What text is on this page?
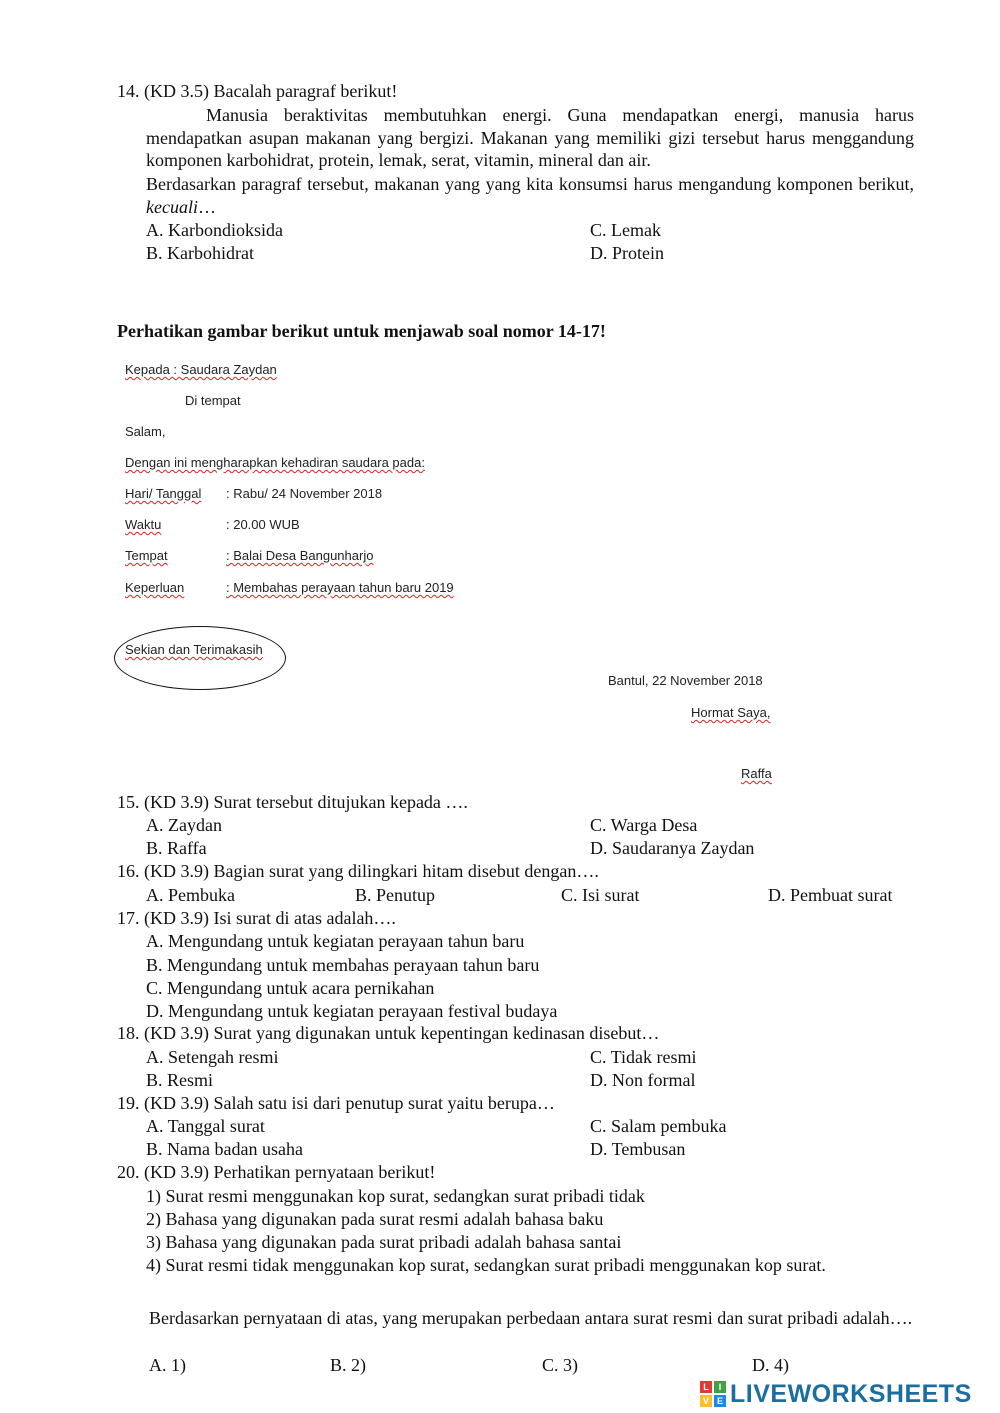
14. (KD 3.5) Bacalah paragraf berikut!
Manusia beraktivitas membutuhkan energi. Guna mendapatkan energi, manusia harus mendapatkan asupan makanan yang bergizi. Makanan yang memiliki gizi tersebut harus menggandung komponen karbohidrat, protein, lemak, serat, vitamin, mineral dan air.
Berdasarkan paragraf tersebut, makanan yang yang kita konsumsi harus mengandung komponen berikut, kecuali…
A. Karbondioksida	C. Lemak
B. Karbohidrat	D. Protein
Perhatikan gambar berikut untuk menjawab soal nomor 14-17!
Kepada : Saudara Zaydan
Di tempat
Salam,
Dengan ini mengharapkan kehadiran saudara pada:
Hari/ Tanggal : Rabu/ 24 November 2018
Waktu	: 20.00 WUB
Tempat	: Balai Desa Bangunharjo
Keperluan	: Membahas perayaan tahun baru 2019
Sekian dan Terimakasih
Bantul, 22 November 2018
Hormat Saya,
Raffa
15. (KD 3.9) Surat tersebut ditujukan kepada ….
A. Zaydan	C. Warga Desa
B. Raffa	D. Saudaranya Zaydan
16. (KD 3.9) Bagian surat yang dilingkari hitam disebut dengan….
A. Pembuka	B. Penutup	C. Isi surat	D. Pembuat surat
17. (KD 3.9) Isi surat di atas adalah….
A. Mengundang untuk kegiatan perayaan tahun baru
B. Mengundang untuk membahas perayaan tahun baru
C. Mengundang untuk acara pernikahan
D. Mengundang untuk kegiatan perayaan festival budaya
18. (KD 3.9) Surat yang digunakan untuk kepentingan kedinasan disebut…
A. Setengah resmi	C. Tidak resmi
B. Resmi	D. Non formal
19. (KD 3.9) Salah satu isi dari penutup surat yaitu berupa…
A. Tanggal surat	C. Salam pembuka
B. Nama badan usaha	D. Tembusan
20. (KD 3.9) Perhatikan pernyataan berikut!
1) Surat resmi menggunakan kop surat, sedangkan surat pribadi tidak
2) Bahasa yang digunakan pada surat resmi adalah bahasa baku
3) Bahasa yang digunakan pada surat pribadi adalah bahasa santai
4) Surat resmi tidak menggunakan kop surat, sedangkan surat pribadi menggunakan kop surat.
Berdasarkan pernyataan di atas, yang merupakan perbedaan antara surat resmi dan surat pribadi adalah….
A. 1)	B. 2)	C. 3)	D. 4)
L	I
V E LIVEWORKSHEETS
